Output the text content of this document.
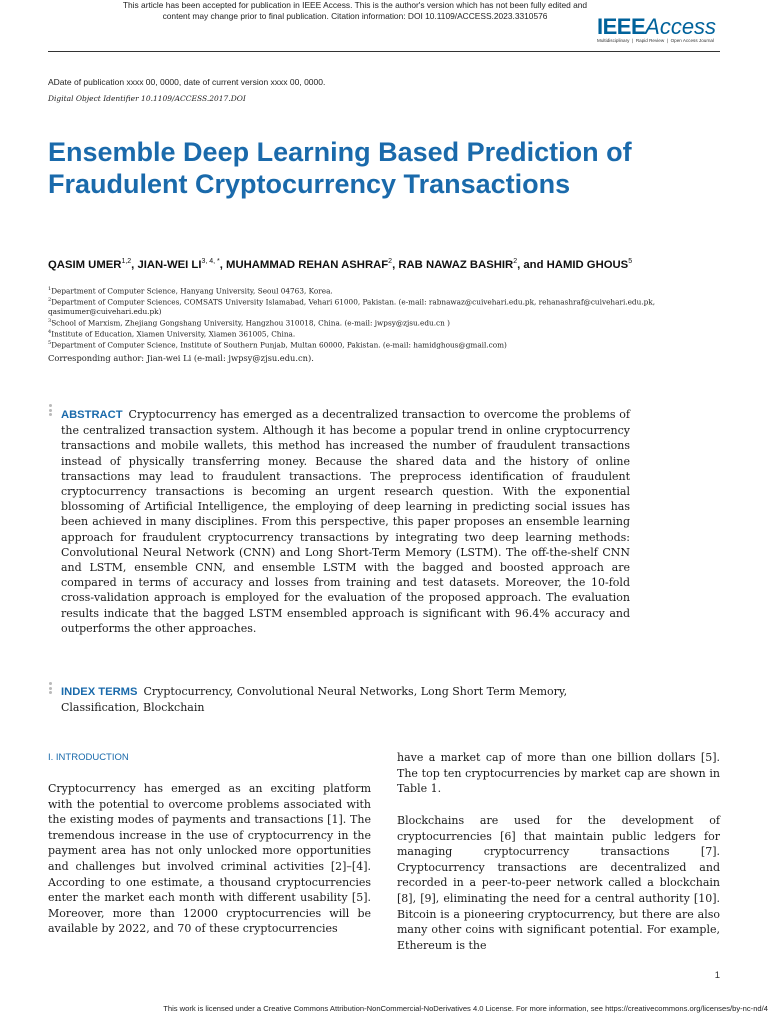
This article has been accepted for publication in IEEE Access. This is the author's version which has not been fully edited and
content may change prior to final publication. Citation information: DOI 10.1109/ACCESS.2023.3310576	IEEEAccess
Multidisciplinary ❘ Rapid Review ❘ Open Access Journal
ADate of publication xxxx 00, 0000, date of current version xxxx 00, 0000.
Digital Object Identifier 10.1109/ACCESS.2017.DOI
Ensemble Deep Learning Based Prediction of Fraudulent Cryptocurrency Transactions
QASIM UMER$^{1,2}$, JIAN-WEI $LI^{3, 4, *}$, MUHAMMAD REHAN ASHRAF$^2$, RAB NAWAZ BASHIR$^2$, and HAMID GHOUS$^5$
$^1$Department of Computer Science, Hanyang University, Seoul 04763, Korea.
$^2$Department of Computer Sciences, COMSATS University Islamabad, Vehari 61000, Pakistan. (e-mail: rabnawaz@cuivehari.edu.pk, rehanashraf@cuivehari.edu.pk, qasimumer@cuivehari.edu.pk)
$^3$School of Marxism, Zhejiang Gongshang University, Hangzhou 310018, China. (e-mail: jwpsy@zjsu.edu.cn )
$^4$Institute of Education, Xiamen University, Xiamen 361005, China.
$^5$Department of Computer Science, Institute of Southern Punjab, Multan 60000, Pakistan. (e-mail: hamidghous@gmail.com)
Corresponding author: Jian-wei Li (e-mail: jwpsy@zjsu.edu.cn).
ABSTRACT Cryptocurrency has emerged as a decentralized transaction to overcome the problems of the centralized transaction system. Although it has become a popular trend in online cryptocurrency transactions and mobile wallets, this method has increased the number of fraudulent transactions instead of physically transferring money. Because the shared data and the history of online transactions may lead to fraudulent transactions. The preprocess identification of fraudulent cryptocurrency transactions is becoming an urgent research question. With the exponential blossoming of Artificial Intelligence, the employing of deep learning in predicting social issues has been achieved in many disciplines. From this perspective, this paper proposes an ensemble learning approach for fraudulent cryptocurrency transactions by integrating two deep learning methods: Convolutional Neural Network (CNN) and Long Short-Term Memory (LSTM). The off-the-shelf CNN and LSTM, ensemble CNN, and ensemble LSTM with the bagged and boosted approach are compared in terms of accuracy and losses from training and test datasets. Moreover, the 10-fold cross-validation approach is employed for the evaluation of the proposed approach. The evaluation results indicate that the bagged LSTM ensembled approach is significant with 96.4% accuracy and outperforms the other approaches.
INDEX TERMS Cryptocurrency, Convolutional Neural Networks, Long Short Term Memory, Classification, Blockchain
I. INTRODUCTION

Cryptocurrency has emerged as an exciting platform with the potential to overcome problems associated with the existing modes of payments and transactions [1]. The tremendous increase in the use of cryptocurrency in the payment area has not only unlocked more opportunities and challenges but involved criminal activities [2]–[4]. According to one estimate, a thousand cryptocurrencies enter the market each month with different usability [5]. Moreover, more than 12000 cryptocurrencies will be available by 2022, and 70 of these cryptocurrencies

have a market cap of more than one billion dollars [5]. The top ten cryptocurrencies by market cap are shown in Table 1.

Blockchains are used for the development of cryptocurrencies [6] that maintain public ledgers for managing cryptocurrency transactions [7]. Cryptocurrency transactions are decentralized and recorded in a peer-to-peer network called a blockchain [8], [9], eliminating the need for a central authority [10]. Bitcoin is a pioneering cryptocurrency, but there are also many other coins with significant potential. For example, Ethereum is the

1
This work is licensed under a Creative Commons Attribution-NonCommercial-NoDerivatives 4.0 License. For more information, see https://creativecommons.org/licenses/by-nc-nd/4
